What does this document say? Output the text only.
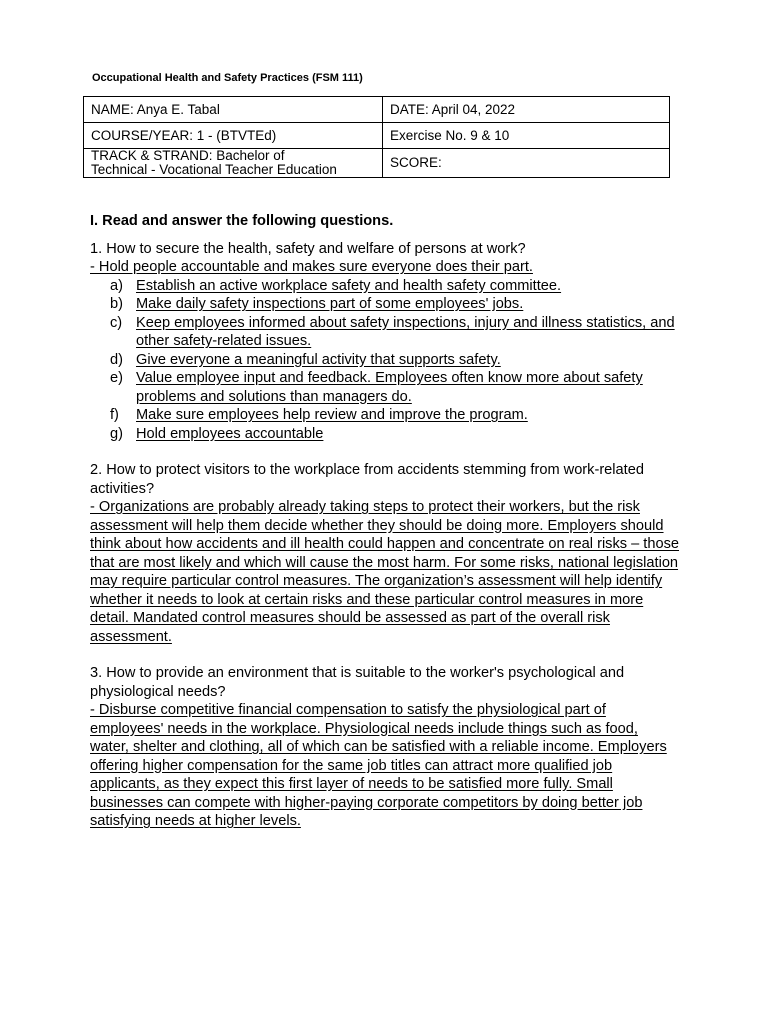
Occupational Health and Safety Practices (FSM 111)
NAME: Anya E. Tabal	DATE: April 04, 2022
COURSE/YEAR: 1 - (BTVTEd)	Exercise No. 9 & 10

TRACK & STRAND: Bachelor of
Technical - Vocational Teacher Education	SCORE:

I. Read and answer the following questions.

1. How to secure the health, safety and welfare of persons at work?

- Hold people accountable and makes sure everyone does their part.

a) Establish an active workplace safety and health safety committee.
b) Make daily safety inspections part of some employees' jobs.
c) Keep employees informed about safety inspections, injury and illness statistics, and other safety-related issues.
d) Give everyone a meaningful activity that supports safety.
e) Value employee input and feedback. Employees often know more about safety problems and solutions than managers do.
f) Make sure employees help review and improve the program.
g) Hold employees accountable

2. How to protect visitors to the workplace from accidents stemming from work-related activities?

- Organizations are probably already taking steps to protect their workers, but the risk assessment will help them decide whether they should be doing more. Employers should think about how accidents and ill health could happen and concentrate on real risks – those that are most likely and which will cause the most harm. For some risks, national legislation may require particular control measures. The organization’s assessment will help identify whether it needs to look at certain risks and these particular control measures in more detail. Mandated control measures should be assessed as part of the overall risk assessment.

3. How to provide an environment that is suitable to the worker's psychological and physiological needs?

- Disburse competitive financial compensation to satisfy the physiological part of employees' needs in the workplace. Physiological needs include things such as food, water, shelter and clothing, all of which can be satisfied with a reliable income. Employers offering higher compensation for the same job titles can attract more qualified job applicants, as they expect this first layer of needs to be satisfied more fully. Small businesses can compete with higher-paying corporate competitors by doing better job satisfying needs at higher levels.
